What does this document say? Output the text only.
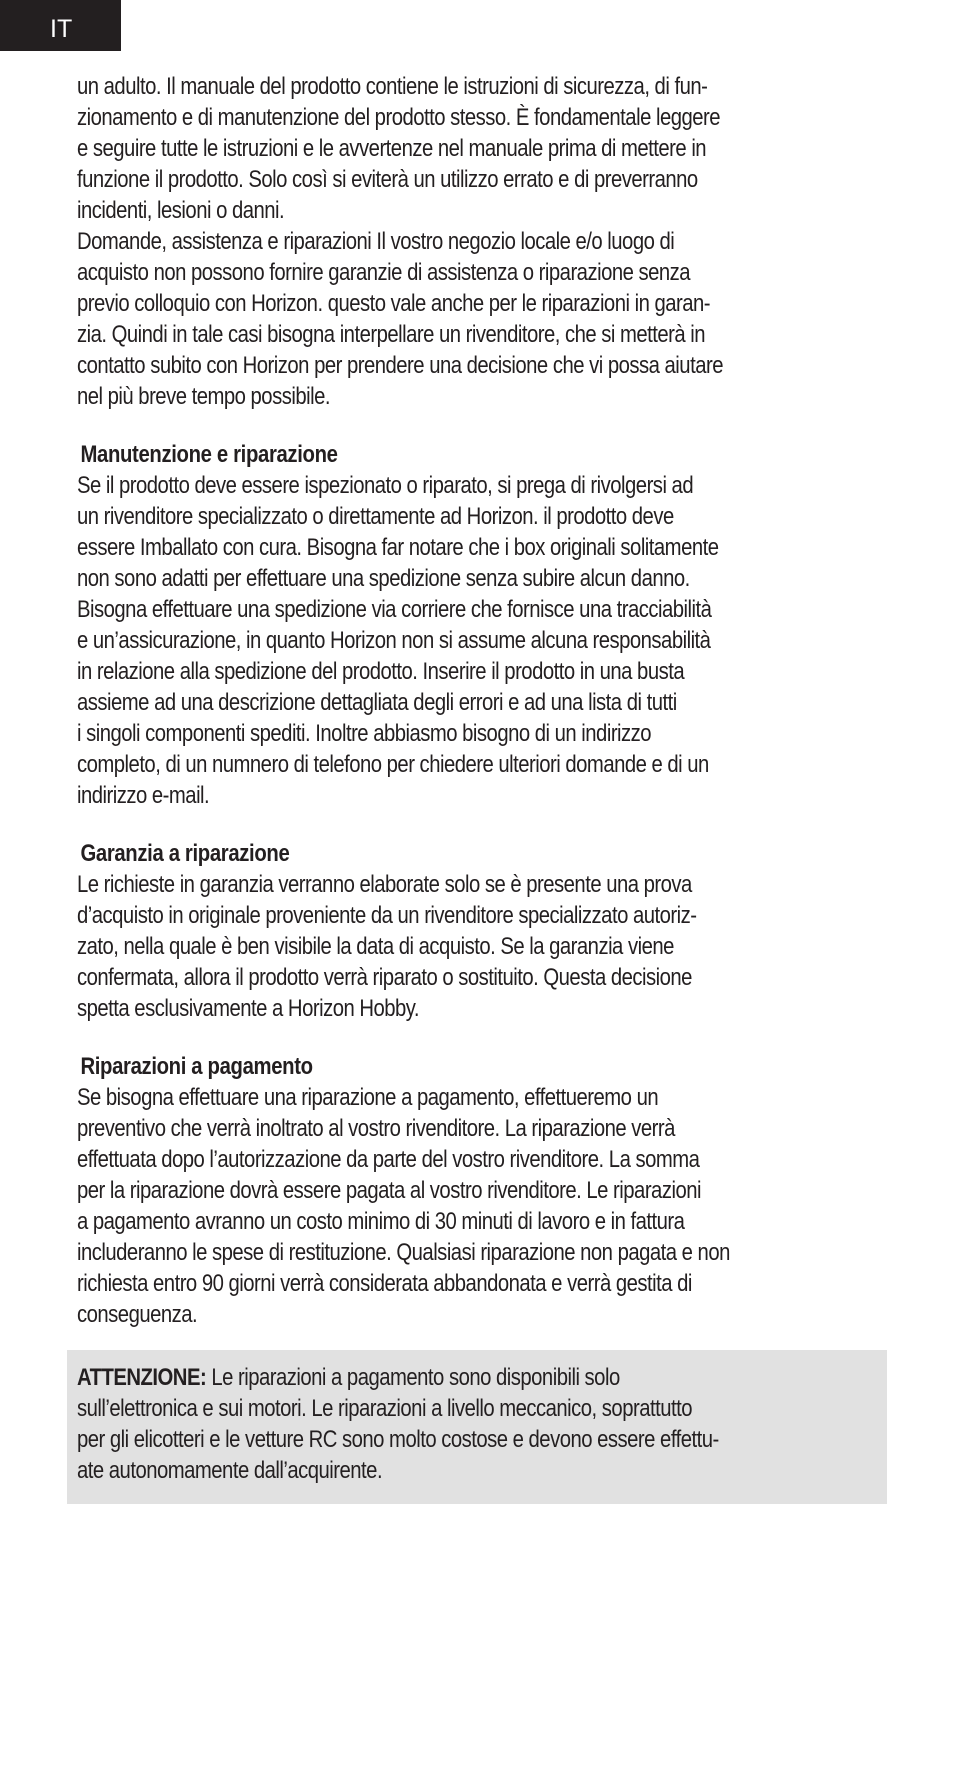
IT
un adulto. Il manuale del prodotto contiene le istruzioni di sicurezza, di fun-
zionamento e di manutenzione del prodotto stesso. È fondamentale leggere
e seguire tutte le istruzioni e le avvertenze nel manuale prima di mettere in
funzione il prodotto. Solo così si eviterà un utilizzo errato e di preverranno
incidenti, lesioni o danni.
Domande, assistenza e riparazioni Il vostro negozio locale e/o luogo di
acquisto non possono fornire garanzie di assistenza o riparazione senza
previo colloquio con Horizon. questo vale anche per le riparazioni in garan-
zia. Quindi in tale casi bisogna interpellare un rivenditore, che si metterà in
contatto subito con Horizon per prendere una decisione che vi possa aiutare
nel più breve tempo possibile.
Manutenzione e riparazione
Se il prodotto deve essere ispezionato o riparato, si prega di rivolgersi ad
un rivenditore specializzato o direttamente ad Horizon. il prodotto deve
essere Imballato con cura. Bisogna far notare che i box originali solitamente
non sono adatti per effettuare una spedizione senza subire alcun danno.
Bisogna effettuare una spedizione via corriere che fornisce una tracciabilità
e un’assicurazione, in quanto Horizon non si assume alcuna responsabilità
in relazione alla spedizione del prodotto. Inserire il prodotto in una busta
assieme ad una descrizione dettagliata degli errori e ad una lista di tutti
i singoli componenti spediti. Inoltre abbiasmo bisogno di un indirizzo
completo, di un numnero di telefono per chiedere ulteriori domande e di un
indirizzo e-mail.
Garanzia a riparazione
Le richieste in garanzia verranno elaborate solo se è presente una prova
d’acquisto in originale proveniente da un rivenditore specializzato autoriz-
zato, nella quale è ben visibile la data di acquisto. Se la garanzia viene
confermata, allora il prodotto verrà riparato o sostituito. Questa decisione
spetta esclusivamente a Horizon Hobby.
Riparazioni a pagamento
Se bisogna effettuare una riparazione a pagamento, effettueremo un
preventivo che verrà inoltrato al vostro rivenditore. La riparazione verrà
effettuata dopo l’autorizzazione da parte del vostro rivenditore. La somma
per la riparazione dovrà essere pagata al vostro rivenditore. Le riparazioni
a pagamento avranno un costo minimo di 30 minuti di lavoro e in fattura
includeranno le spese di restituzione. Qualsiasi riparazione non pagata e non
richiesta entro 90 giorni verrà considerata abbandonata e verrà gestita di
conseguenza.
ATTENZIONE: Le riparazioni a pagamento sono disponibili solo
sull’elettronica e sui motori. Le riparazioni a livello meccanico, soprattutto
per gli elicotteri e le vetture RC sono molto costose e devono essere effettu-
ate autonomamente dall’acquirente.
